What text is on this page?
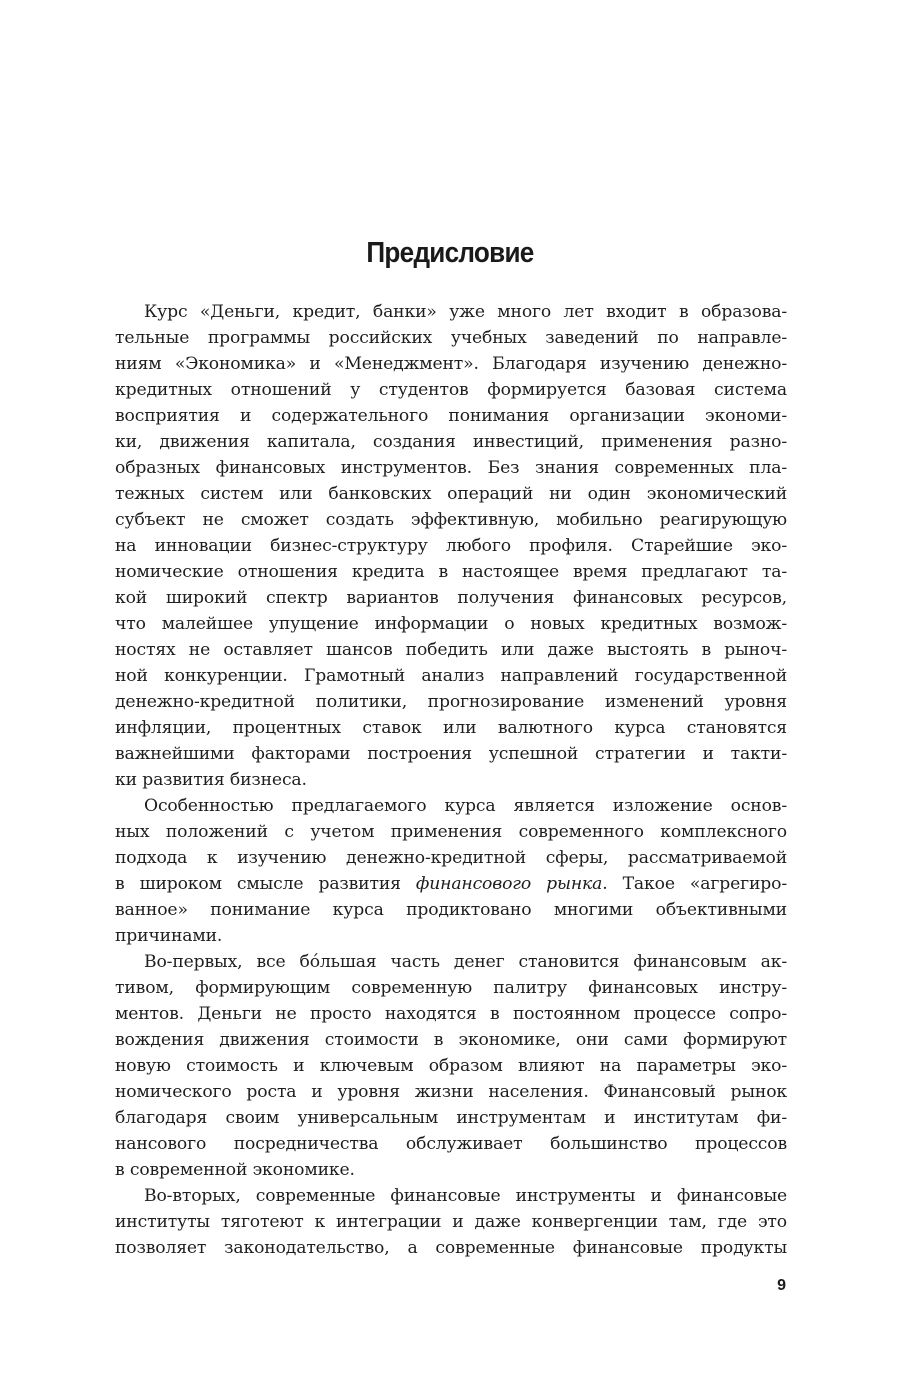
Предисловие

Курс «Деньги, кредит, банки» уже много лет входит в образова-
тельные программы российских учебных заведений по направле-
ниям «Экономика» и «Менеджмент». Благодаря изучению денежно-
кредитных отношений у студентов формируется базовая система
восприятия и содержательного понимания организации экономи-
ки, движения капитала, создания инвестиций, применения разно-
образных финансовых инструментов. Без знания современных пла-
тежных систем или банковских операций ни один экономический
субъект не сможет создать эффективную, мобильно реагирующую
на инновации бизнес-структуру любого профиля. Старейшие эко-
номические отношения кредита в настоящее время предлагают та-
кой широкий спектр вариантов получения финансовых ресурсов,
что малейшее упущение информации о новых кредитных возмож-
ностях не оставляет шансов победить или даже выстоять в рыноч-
ной конкуренции. Грамотный анализ направлений государственной
денежно-кредитной политики, прогнозирование изменений уровня
инфляции, процентных ставок или валютного курса становятся
важнейшими факторами построения успешной стратегии и такти-
ки развития бизнеса.

Особенностью предлагаемого курса является изложение основ-
ных положений с учетом применения современного комплексного
подхода к изучению денежно-кредитной сферы, рассматриваемой
в широком смысле развития финансового рынка. Такое «агрегиро-
ванное» понимание курса продиктовано многими объективными
причинами.

Во-первых, все бóльшая часть денег становится финансовым ак-
тивом, формирующим современную палитру финансовых инстру-
ментов. Деньги не просто находятся в постоянном процессе сопро-
вождения движения стоимости в экономике, они сами формируют
новую стоимость и ключевым образом влияют на параметры эко-
номического роста и уровня жизни населения. Финансовый рынок
благодаря своим универсальным инструментам и институтам фи-
нансового посредничества обслуживает большинство процессов
в современной экономике.

Во-вторых, современные финансовые инструменты и финансовые
институты тяготеют к интеграции и даже конвергенции там, где это
позволяет законодательство, а современные финансовые продукты

9
